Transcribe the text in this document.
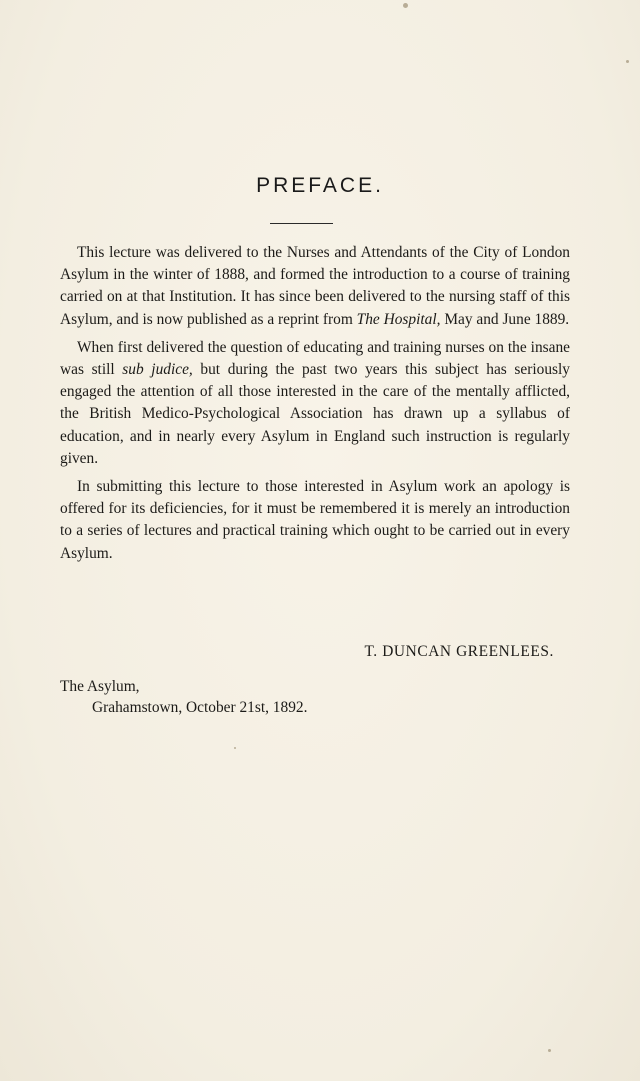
PREFACE.

This lecture was delivered to the Nurses and Attendants of the City of London Asylum in the winter of 1888, and formed the introduction to a course of training carried on at that Institution. It has since been delivered to the nursing staff of this Asylum, and is now published as a reprint from The Hospital, May and June 1889.

When first delivered the question of educating and training nurses on the insane was still sub judice, but during the past two years this subject has seriously engaged the attention of all those interested in the care of the mentally afflicted, the British Medico-Psychological Association has drawn up a syllabus of education, and in nearly every Asylum in England such instruction is regularly given.

In submitting this lecture to those interested in Asylum work an apology is offered for its deficiencies, for it must be remembered it is merely an introduction to a series of lectures and practical training which ought to be carried out in every Asylum.

T. DUNCAN GREENLEES.
The Asylum,
Grahamstown, October 21st, 1892.
